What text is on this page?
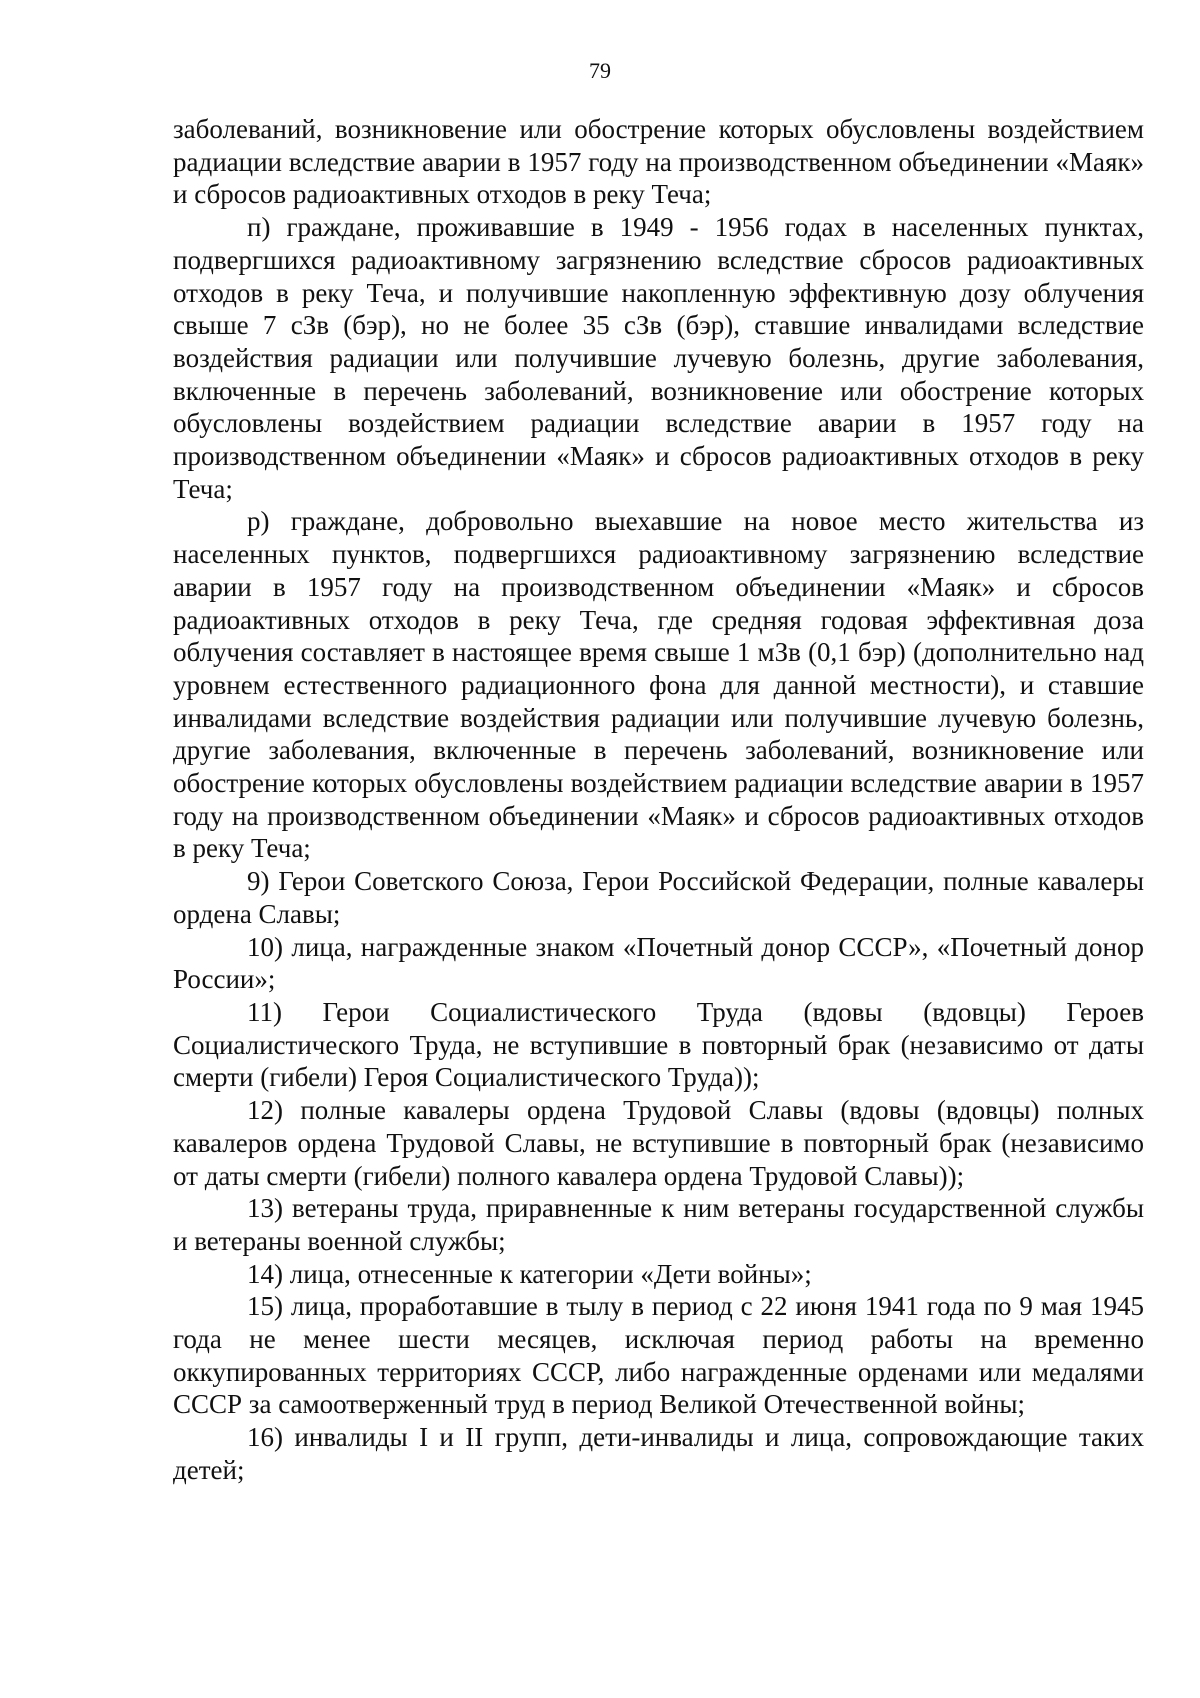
79

заболеваний, возникновение или обострение которых обусловлены воздействием радиации вследствие аварии в 1957 году на производственном объединении «Маяк» и сбросов радиоактивных отходов в реку Теча;

п) граждане, проживавшие в 1949 - 1956 годах в населенных пунктах, подвергшихся радиоактивному загрязнению вследствие сбросов радиоактивных отходов в реку Теча, и получившие накопленную эффективную дозу облучения свыше 7 сЗв (бэр), но не более 35 сЗв (бэр), ставшие инвалидами вследствие воздействия радиации или получившие лучевую болезнь, другие заболевания, включенные в перечень заболеваний, возникновение или обострение которых обусловлены воздействием радиации вследствие аварии в 1957 году на производственном объединении «Маяк» и сбросов радиоактивных отходов в реку Теча;

р) граждане, добровольно выехавшие на новое место жительства из населенных пунктов, подвергшихся радиоактивному загрязнению вследствие аварии в 1957 году на производственном объединении «Маяк» и сбросов радиоактивных отходов в реку Теча, где средняя годовая эффективная доза облучения составляет в настоящее время свыше 1 мЗв (0,1 бэр) (дополнительно над уровнем естественного радиационного фона для данной местности), и ставшие инвалидами вследствие воздействия радиации или получившие лучевую болезнь, другие заболевания, включенные в перечень заболеваний, возникновение или обострение которых обусловлены воздействием радиации вследствие аварии в 1957 году на производственном объединении «Маяк» и сбросов радиоактивных отходов в реку Теча;

9) Герои Советского Союза, Герои Российской Федерации, полные кавалеры ордена Славы;

10) лица, награжденные знаком «Почетный донор СССР», «Почетный донор России»;

11) Герои Социалистического Труда (вдовы (вдовцы) Героев Социалистического Труда, не вступившие в повторный брак (независимо от даты смерти (гибели) Героя Социалистического Труда));

12) полные кавалеры ордена Трудовой Славы (вдовы (вдовцы) полных кавалеров ордена Трудовой Славы, не вступившие в повторный брак (независимо от даты смерти (гибели) полного кавалера ордена Трудовой Славы));

13) ветераны труда, приравненные к ним ветераны государственной службы и ветераны военной службы;

14) лица, отнесенные к категории «Дети войны»;

15) лица, проработавшие в тылу в период с 22 июня 1941 года по 9 мая 1945 года не менее шести месяцев, исключая период работы на временно оккупированных территориях СССР, либо награжденные орденами или медалями СССР за самоотверженный труд в период Великой Отечественной войны;

16) инвалиды I и II групп, дети-инвалиды и лица, сопровождающие таких детей;
